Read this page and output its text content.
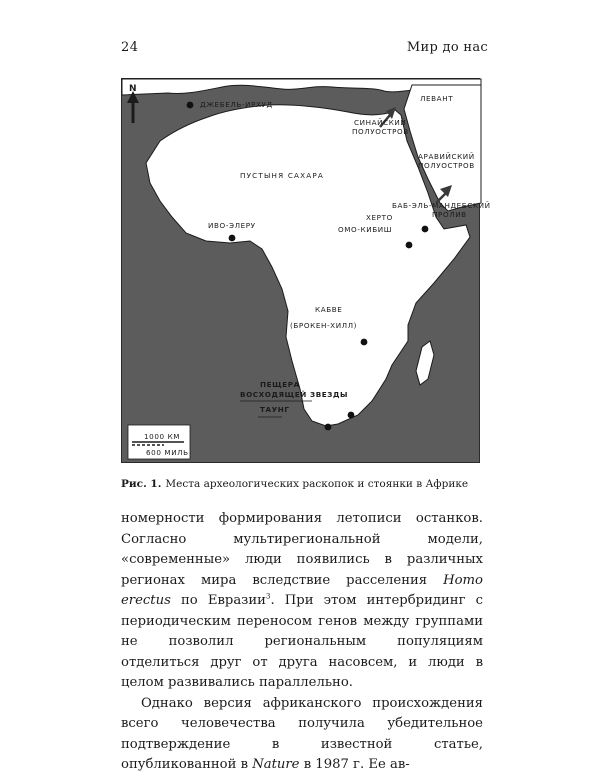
24	Мир до нас
N
ДЖЕБЕЛЬ-ИРХУД
ЛЕВАНТ
СИНАЙСКИЙ
ПОЛУОСТРОВ
АРАВИЙСКИЙ
ПОЛУОСТРОВ
ПУСТЫНЯ САХАРА
БАБ-ЭЛЬ-МАНДЕБСКИЙ
ПРОЛИВ
ХЕРТО
ОМО-КИБИШ
ИВО-ЭЛЕРУ
КАБВЕ
(БРОКЕН-ХИЛЛ)
ПЕЩЕРА
ВОСХОДЯЩЕЙ ЗВЕЗДЫ
ТАУНГ
1000 КМ
600 МИЛЬ
Рис. 1. Места археологических раскопок и стоянки в Африке

номерности формирования летописи останков. Согласно мультирегиональной модели, «современные» люди появились в различных регионах мира вследствие расселения Homo erectus по Евразии$^3$. При этом интербридинг с периодическим переносом генов между группами не позволил региональным популяциям отделиться друг от друга насовсем, и люди в целом развивались параллельно.

Однако версия африканского происхождения всего человечества получила убедительное подтверждение в известной статье, опубликованной в Nature в 1987 г. Ее ав-
